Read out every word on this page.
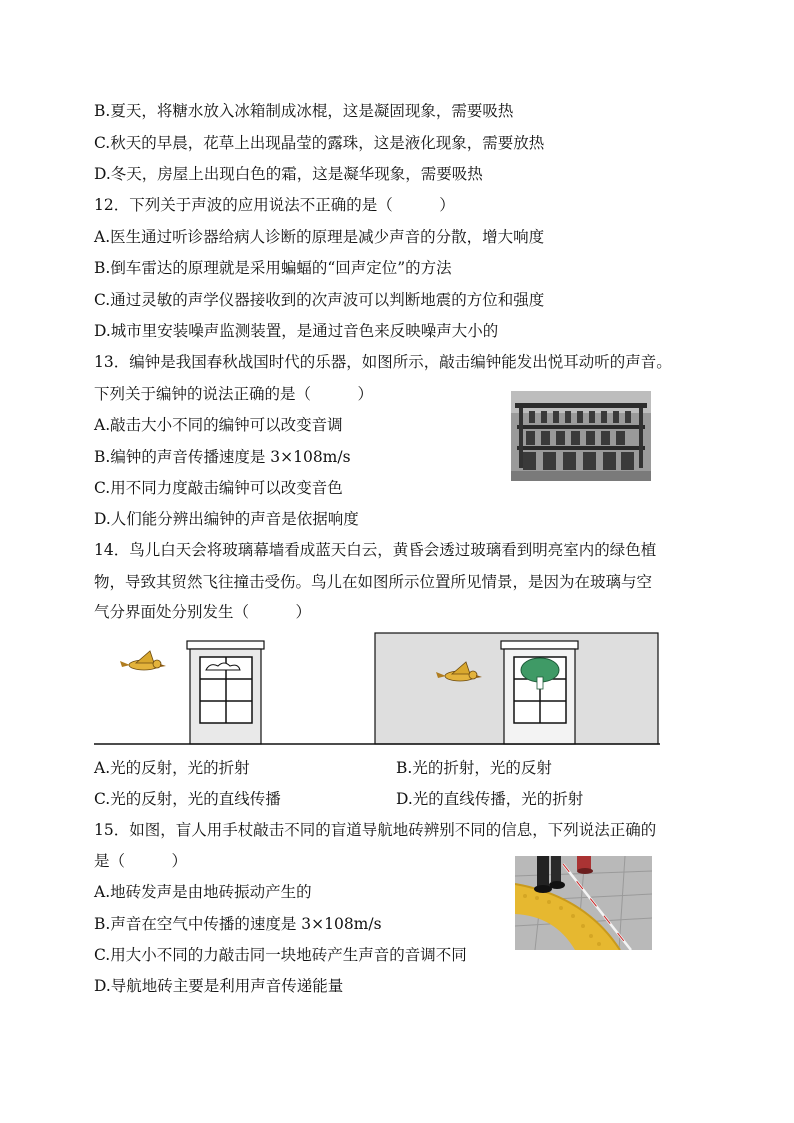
B.夏天，将糖水放入冰箱制成冰棍，这是凝固现象，需要吸热
C.秋天的早晨，花草上出现晶莹的露珠，这是液化现象，需要放热
D.冬天，房屋上出现白色的霜，这是凝华现象，需要吸热
12．下列关于声波的应用说法不正确的是（　　　）
A.医生通过听诊器给病人诊断的原理是减少声音的分散，增大响度
B.倒车雷达的原理就是采用蝙蝠的“回声定位”的方法
C.通过灵敏的声学仪器接收到的次声波可以判断地震的方位和强度
D.城市里安装噪声监测装置，是通过音色来反映噪声大小的
13．编钟是我国春秋战国时代的乐器，如图所示，敲击编钟能发出悦耳动听的声音。
下列关于编钟的说法正确的是（　　　）
A.敲击大小不同的编钟可以改变音调
B.编钟的声音传播速度是 3×108m/s
C.用不同力度敲击编钟可以改变音色
D.人们能分辨出编钟的声音是依据响度
14．鸟儿白天会将玻璃幕墙看成蓝天白云，黄昏会透过玻璃看到明亮室内的绿色植
物，导致其贸然飞往撞击受伤。鸟儿在如图所示位置所见情景，是因为在玻璃与空
气分界面处分别发生（　　　）
A.光的反射，光的折射	B.光的折射，光的反射
C.光的反射，光的直线传播	D.光的直线传播，光的折射
15．如图，盲人用手杖敲击不同的盲道导航地砖辨别不同的信息，下列说法正确的
是（　　　）
A.地砖发声是由地砖振动产生的
B.声音在空气中传播的速度是 3×108m/s
C.用大小不同的力敲击同一块地砖产生声音的音调不同
D.导航地砖主要是利用声音传递能量
